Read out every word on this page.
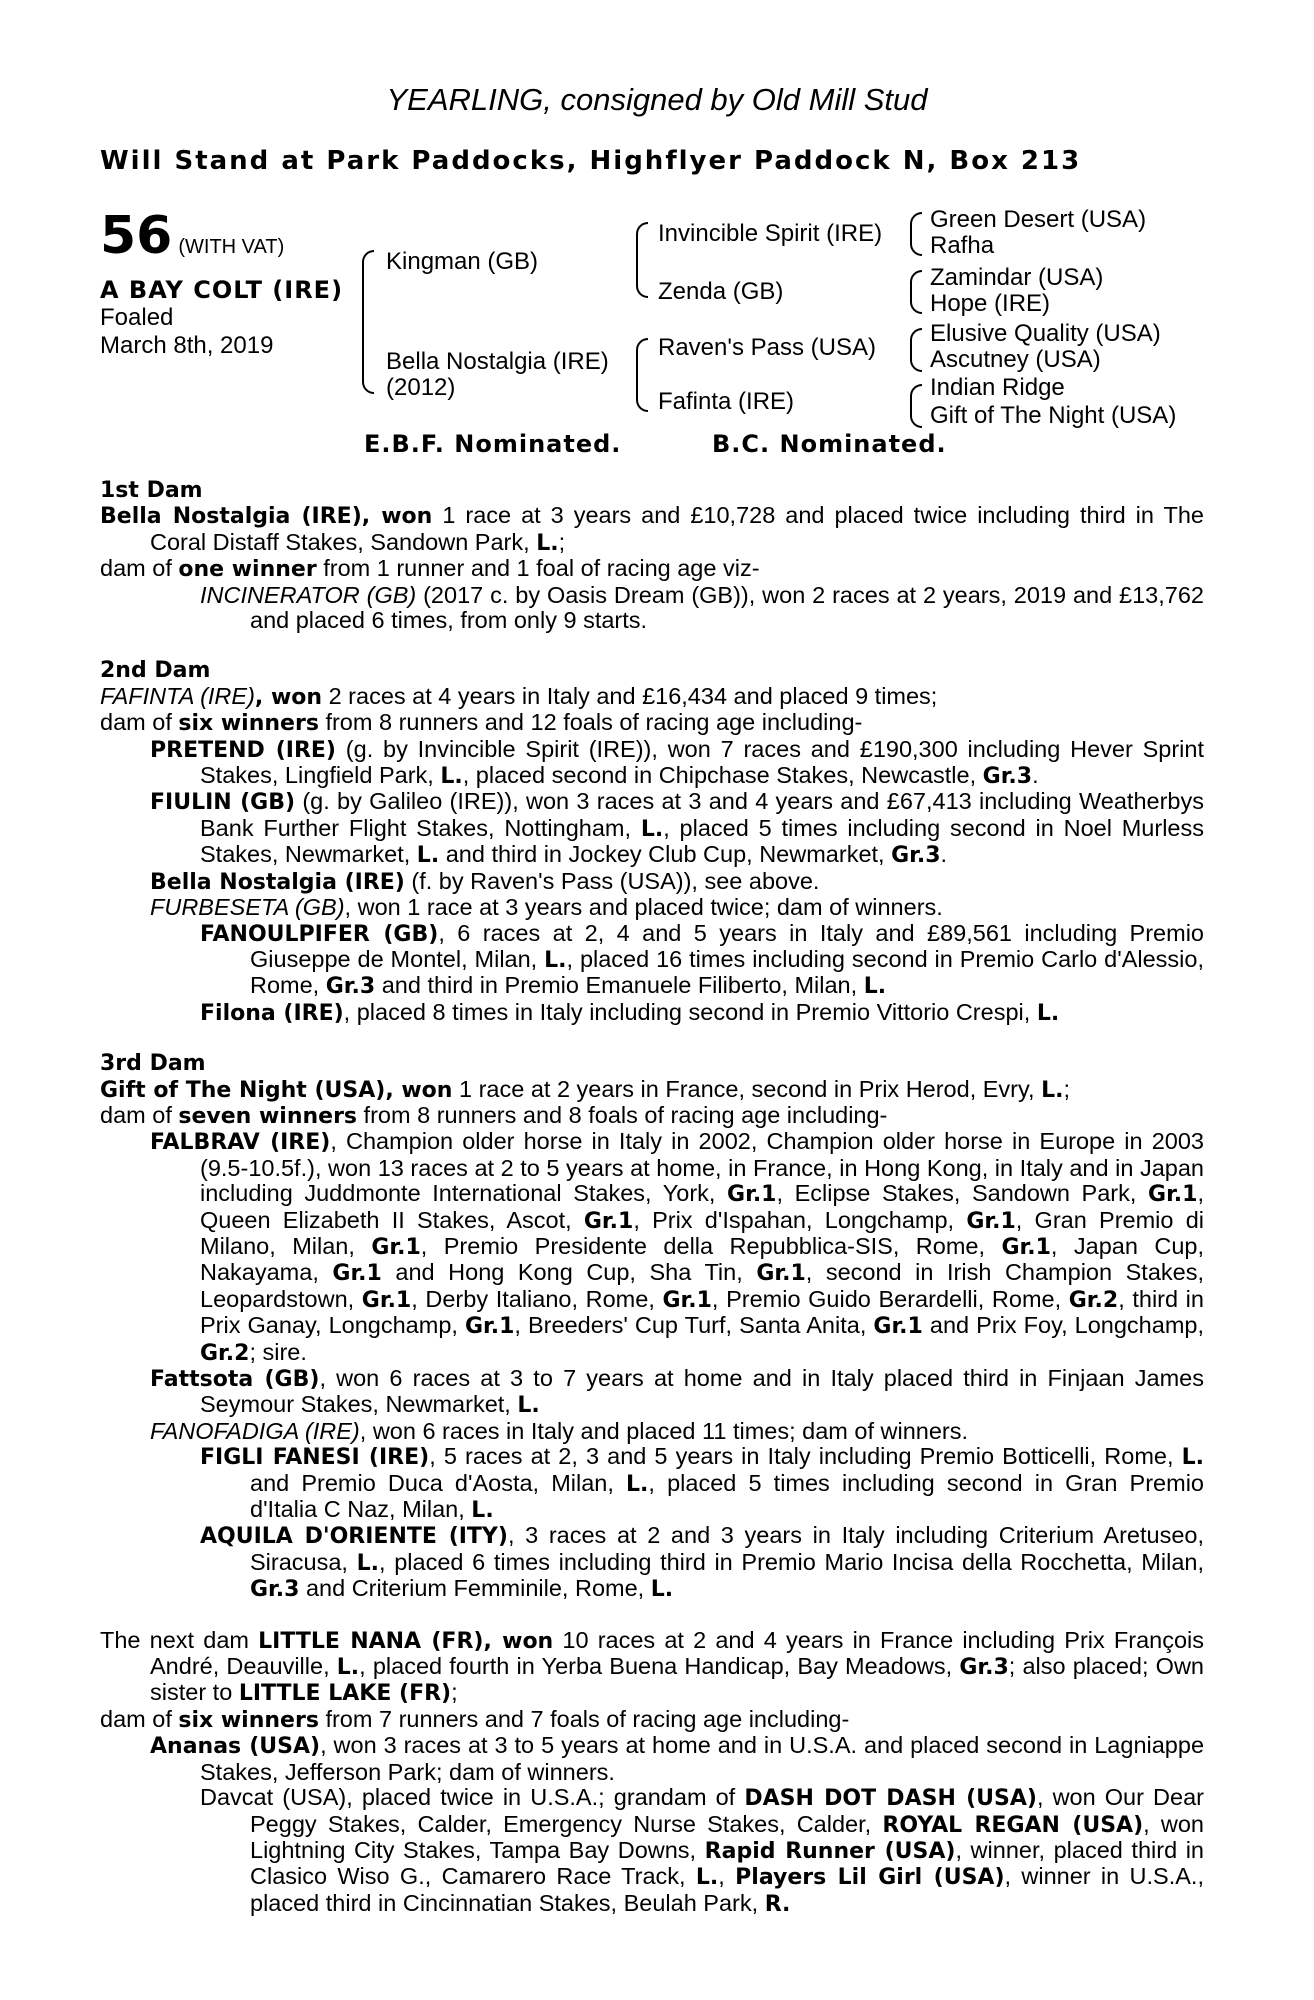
YEARLING, consigned by Old Mill Stud
Will Stand at Park Paddocks, Highflyer Paddock N, Box 213
56 (WITH VAT)
A BAY COLT (IRE)
Foaled
March 8th, 2019
Kingman (GB)
Bella Nostalgia (IRE)
(2012)
Invincible Spirit (IRE)
Zenda (GB)
Raven's Pass (USA)
Fafinta (IRE)
Green Desert (USA)
Rafha
Zamindar (USA)
Hope (IRE)
Elusive Quality (USA)
Ascutney (USA)
Indian Ridge
Gift of The Night (USA)
E.B.F. Nominated.	B.C. Nominated.

1st Dam

Bella Nostalgia (IRE), won 1 race at 3 years and £10,728 and placed twice including third in The Coral Distaff Stakes, Sandown Park, L.;

dam of one winner from 1 runner and 1 foal of racing age viz-

INCINERATOR (GB) (2017 c. by Oasis Dream (GB)), won 2 races at 2 years, 2019 and £13,762 and placed 6 times, from only 9 starts.

2nd Dam

FAFINTA (IRE), won 2 races at 4 years in Italy and £16,434 and placed 9 times;

dam of six winners from 8 runners and 12 foals of racing age including-

PRETEND (IRE) (g. by Invincible Spirit (IRE)), won 7 races and £190,300 including Hever Sprint Stakes, Lingfield Park, L., placed second in Chipchase Stakes, Newcastle, Gr.3.

FIULIN (GB) (g. by Galileo (IRE)), won 3 races at 3 and 4 years and £67,413 including Weatherbys Bank Further Flight Stakes, Nottingham, L., placed 5 times including second in Noel Murless Stakes, Newmarket, L. and third in Jockey Club Cup, Newmarket, Gr.3.

Bella Nostalgia (IRE) (f. by Raven's Pass (USA)), see above.

FURBESETA (GB), won 1 race at 3 years and placed twice; dam of winners.

FANOULPIFER (GB), 6 races at 2, 4 and 5 years in Italy and £89,561 including Premio Giuseppe de Montel, Milan, L., placed 16 times including second in Premio Carlo d'Alessio, Rome, Gr.3 and third in Premio Emanuele Filiberto, Milan, L.

Filona (IRE), placed 8 times in Italy including second in Premio Vittorio Crespi, L.

3rd Dam

Gift of The Night (USA), won 1 race at 2 years in France, second in Prix Herod, Evry, L.;

dam of seven winners from 8 runners and 8 foals of racing age including-

FALBRAV (IRE), Champion older horse in Italy in 2002, Champion older horse in Europe in 2003 (9.5-10.5f.), won 13 races at 2 to 5 years at home, in France, in Hong Kong, in Italy and in Japan including Juddmonte International Stakes, York, Gr.1, Eclipse Stakes, Sandown Park, Gr.1, Queen Elizabeth II Stakes, Ascot, Gr.1, Prix d'Ispahan, Longchamp, Gr.1, Gran Premio di Milano, Milan, Gr.1, Premio Presidente della Repubblica-SIS, Rome, Gr.1, Japan Cup, Nakayama, Gr.1 and Hong Kong Cup, Sha Tin, Gr.1, second in Irish Champion Stakes, Leopardstown, Gr.1, Derby Italiano, Rome, Gr.1, Premio Guido Berardelli, Rome, Gr.2, third in Prix Ganay, Longchamp, Gr.1, Breeders' Cup Turf, Santa Anita, Gr.1 and Prix Foy, Longchamp, Gr.2; sire.

Fattsota (GB), won 6 races at 3 to 7 years at home and in Italy placed third in Finjaan James Seymour Stakes, Newmarket, L.

FANOFADIGA (IRE), won 6 races in Italy and placed 11 times; dam of winners.

FIGLI FANESI (IRE), 5 races at 2, 3 and 5 years in Italy including Premio Botticelli, Rome, L. and Premio Duca d'Aosta, Milan, L., placed 5 times including second in Gran Premio d'Italia C Naz, Milan, L.

AQUILA D'ORIENTE (ITY), 3 races at 2 and 3 years in Italy including Criterium Aretuseo, Siracusa, L., placed 6 times including third in Premio Mario Incisa della Rocchetta, Milan, Gr.3 and Criterium Femminile, Rome, L.

The next dam LITTLE NANA (FR), won 10 races at 2 and 4 years in France including Prix François André, Deauville, L., placed fourth in Yerba Buena Handicap, Bay Meadows, Gr.3; also placed; Own sister to LITTLE LAKE (FR);

dam of six winners from 7 runners and 7 foals of racing age including-

Ananas (USA), won 3 races at 3 to 5 years at home and in U.S.A. and placed second in Lagniappe Stakes, Jefferson Park; dam of winners.

Davcat (USA), placed twice in U.S.A.; grandam of DASH DOT DASH (USA), won Our Dear Peggy Stakes, Calder, Emergency Nurse Stakes, Calder, ROYAL REGAN (USA), won Lightning City Stakes, Tampa Bay Downs, Rapid Runner (USA), winner, placed third in Clasico Wiso G., Camarero Race Track, L., Players Lil Girl (USA), winner in U.S.A., placed third in Cincinnatian Stakes, Beulah Park, R.
